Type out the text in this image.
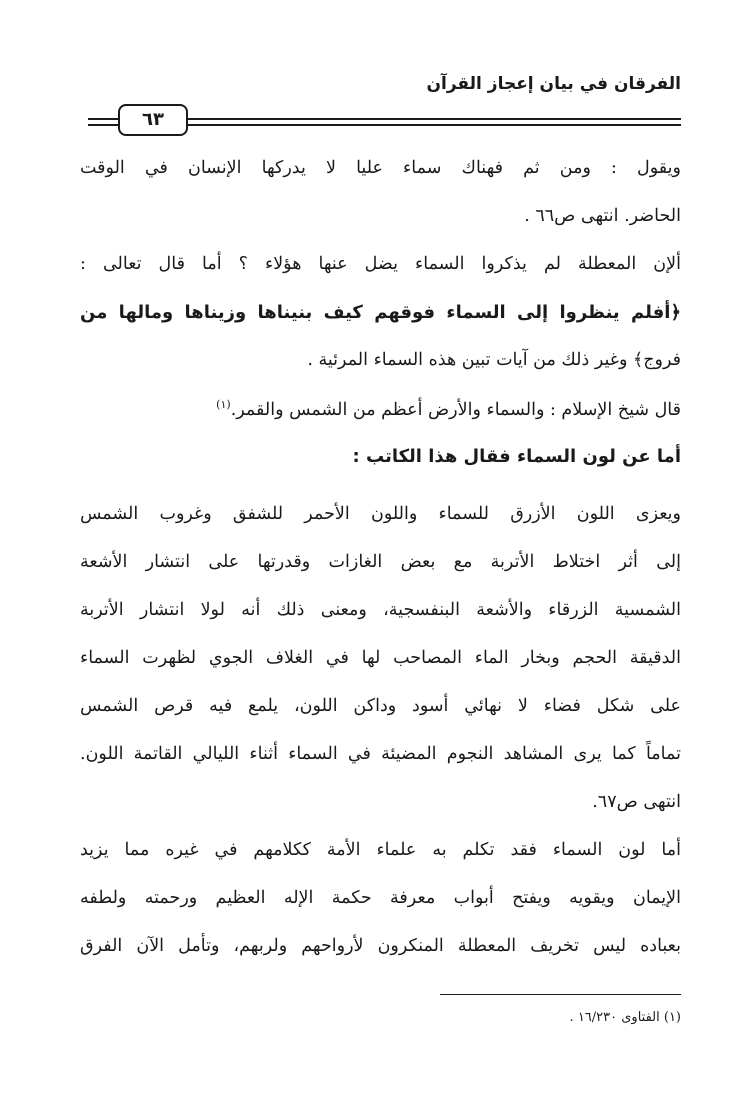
الفرقان في بيان إعجاز القرآن
٦٣
ويقول : ومن ثم فهناك سماء عليا لا يدركها الإنسان في الوقت
الحاضر. انتهى ص٦٦ .
ألإن المعطلة لم يذكروا السماء يضل عنها هؤلاء ؟ أما قال تعالى :
﴿أفلم ينظروا إلى السماء فوقهم كيف بنيناها وزيناها ومالها من
فروج﴾ وغير ذلك من آيات تبين هذه السماء المرئية .
قال شيخ الإسلام : والسماء والأرض أعظم من الشمس والقمر.$^{(١)}$
أما عن لون السماء فقال هذا الكاتب :
ويعزى اللون الأزرق للسماء واللون الأحمر للشفق وغروب الشمس
إلى أثر اختلاط الأتربة مع بعض الغازات وقدرتها على انتشار الأشعة
الشمسية الزرقاء والأشعة البنفسجية، ومعنى ذلك أنه لولا انتشار الأتربة
الدقيقة الحجم وبخار الماء المصاحب لها في الغلاف الجوي لظهرت السماء
على شكل فضاء لا نهائي أسود وداكن اللون، يلمع فيه قرص الشمس
تماماً كما يرى المشاهد النجوم المضيئة في السماء أثناء الليالي القاتمة اللون.
انتهى ص٦٧.
أما لون السماء فقد تكلم به علماء الأمة ككلامهم في غيره مما يزيد
الإيمان ويقويه ويفتح أبواب معرفة حكمة الإله العظيم ورحمته ولطفه
بعباده ليس تخريف المعطلة المنكرون لأرواحهم ولربهم، وتأمل الآن الفرق
(١) الفتاوى ١٦/٢٣٠ .
